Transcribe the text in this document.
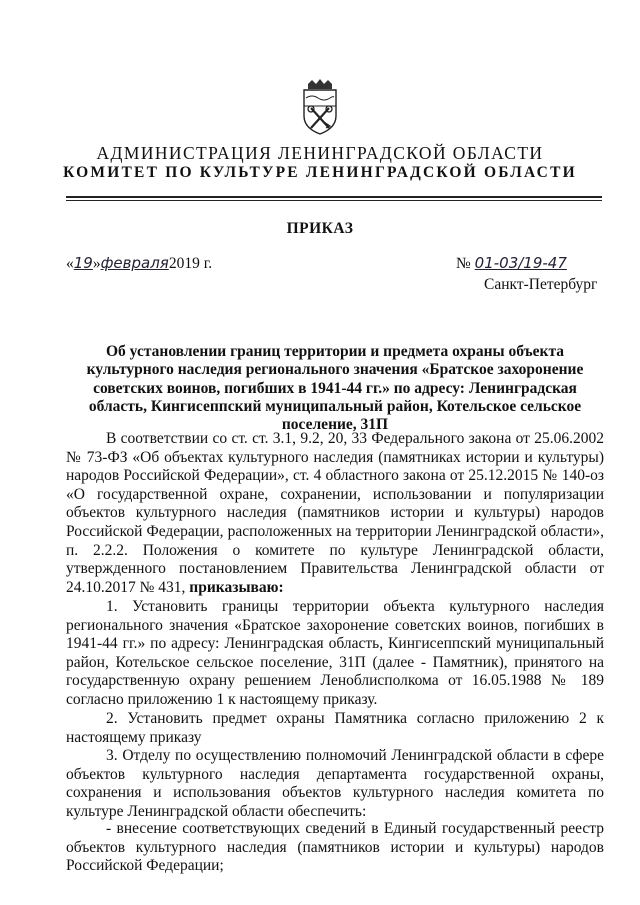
АДМИНИСТРАЦИЯ ЛЕНИНГРАДСКОЙ ОБЛАСТИ
КОМИТЕТ ПО КУЛЬТУРЕ ЛЕНИНГРАДСКОЙ ОБЛАСТИ
ПРИКАЗ
«19»февраля2019 г.	№ 01-03/19-47
Санкт-Петербург
Об установлении границ территории и предмета охраны объекта культурного наследия регионального значения «Братское захоронение советских воинов, погибших в 1941-44 гг.» по адресу: Ленинградская область, Кингисеппский муниципальный район, Котельское сельское поселение, 31П
В соответствии со ст. ст. 3.1, 9.2, 20, 33 Федерального закона от 25.06.2002 № 73-ФЗ «Об объектах культурного наследия (памятниках истории и культуры) народов Российской Федерации», ст. 4 областного закона от 25.12.2015 № 140-оз «О государственной охране, сохранении, использовании и популяризации объектов культурного наследия (памятников истории и культуры) народов Российской Федерации, расположенных на территории Ленинградской области», п. 2.2.2. Положения о комитете по культуре Ленинградской области, утвержденного постановлением Правительства Ленинградской области от 24.10.2017 № 431, приказываю:
1. Установить границы территории объекта культурного наследия регионального значения «Братское захоронение советских воинов, погибших в 1941-44 гг.» по адресу: Ленинградская область, Кингисеппский муниципальный район, Котельское сельское поселение, 31П (далее - Памятник), принятого на государственную охрану решением Леноблисполкома от 16.05.1988 № 189 согласно приложению 1 к настоящему приказу.
2. Установить предмет охраны Памятника согласно приложению 2 к настоящему приказу
3. Отделу по осуществлению полномочий Ленинградской области в сфере объектов культурного наследия департамента государственной охраны, сохранения и использования объектов культурного наследия комитета по культуре Ленинградской области обеспечить:
- внесение соответствующих сведений в Единый государственный реестр объектов культурного наследия (памятников истории и культуры) народов Российской Федерации;
